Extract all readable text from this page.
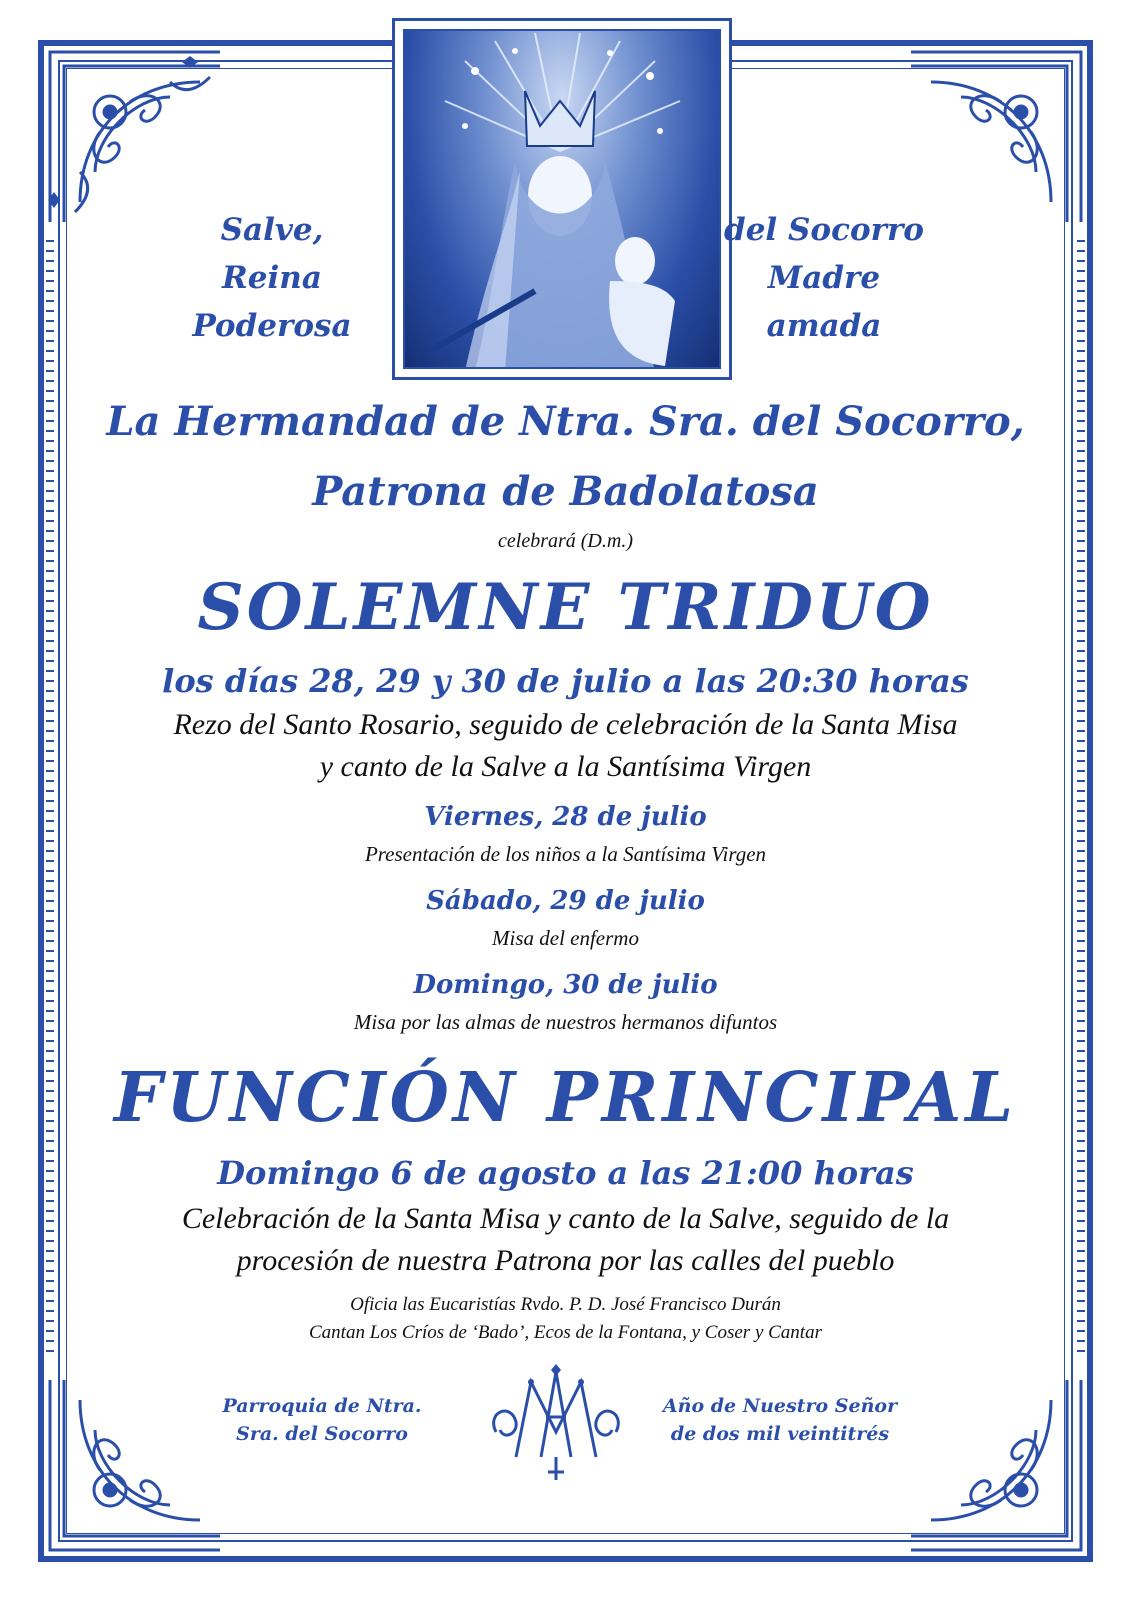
Salve,
Reina
Poderosa
del Socorro
Madre
amada
La Hermandad de Ntra. Sra. del Socorro,
Patrona de Badolatosa
celebrará (D.m.)
SOLEMNE TRIDUO
los días 28, 29 y 30 de julio a las 20:30 horas
Rezo del Santo Rosario, seguido de celebración de la Santa Misa
y canto de la Salve a la Santísima Virgen
Viernes, 28 de julio
Presentación de los niños a la Santísima Virgen
Sábado, 29 de julio
Misa del enfermo
Domingo, 30 de julio
Misa por las almas de nuestros hermanos difuntos
FUNCIÓN PRINCIPAL
Domingo 6 de agosto a las 21:00 horas
Celebración de la Santa Misa y canto de la Salve, seguido de la
procesión de nuestra Patrona por las calles del pueblo
Oficia las Eucaristías Rvdo. P. D. José Francisco Durán
Cantan Los Críos de ‘Bado’, Ecos de la Fontana, y Coser y Cantar
Parroquia de Ntra.
Sra. del Socorro
Año de Nuestro Señor
de dos mil veintitrés
